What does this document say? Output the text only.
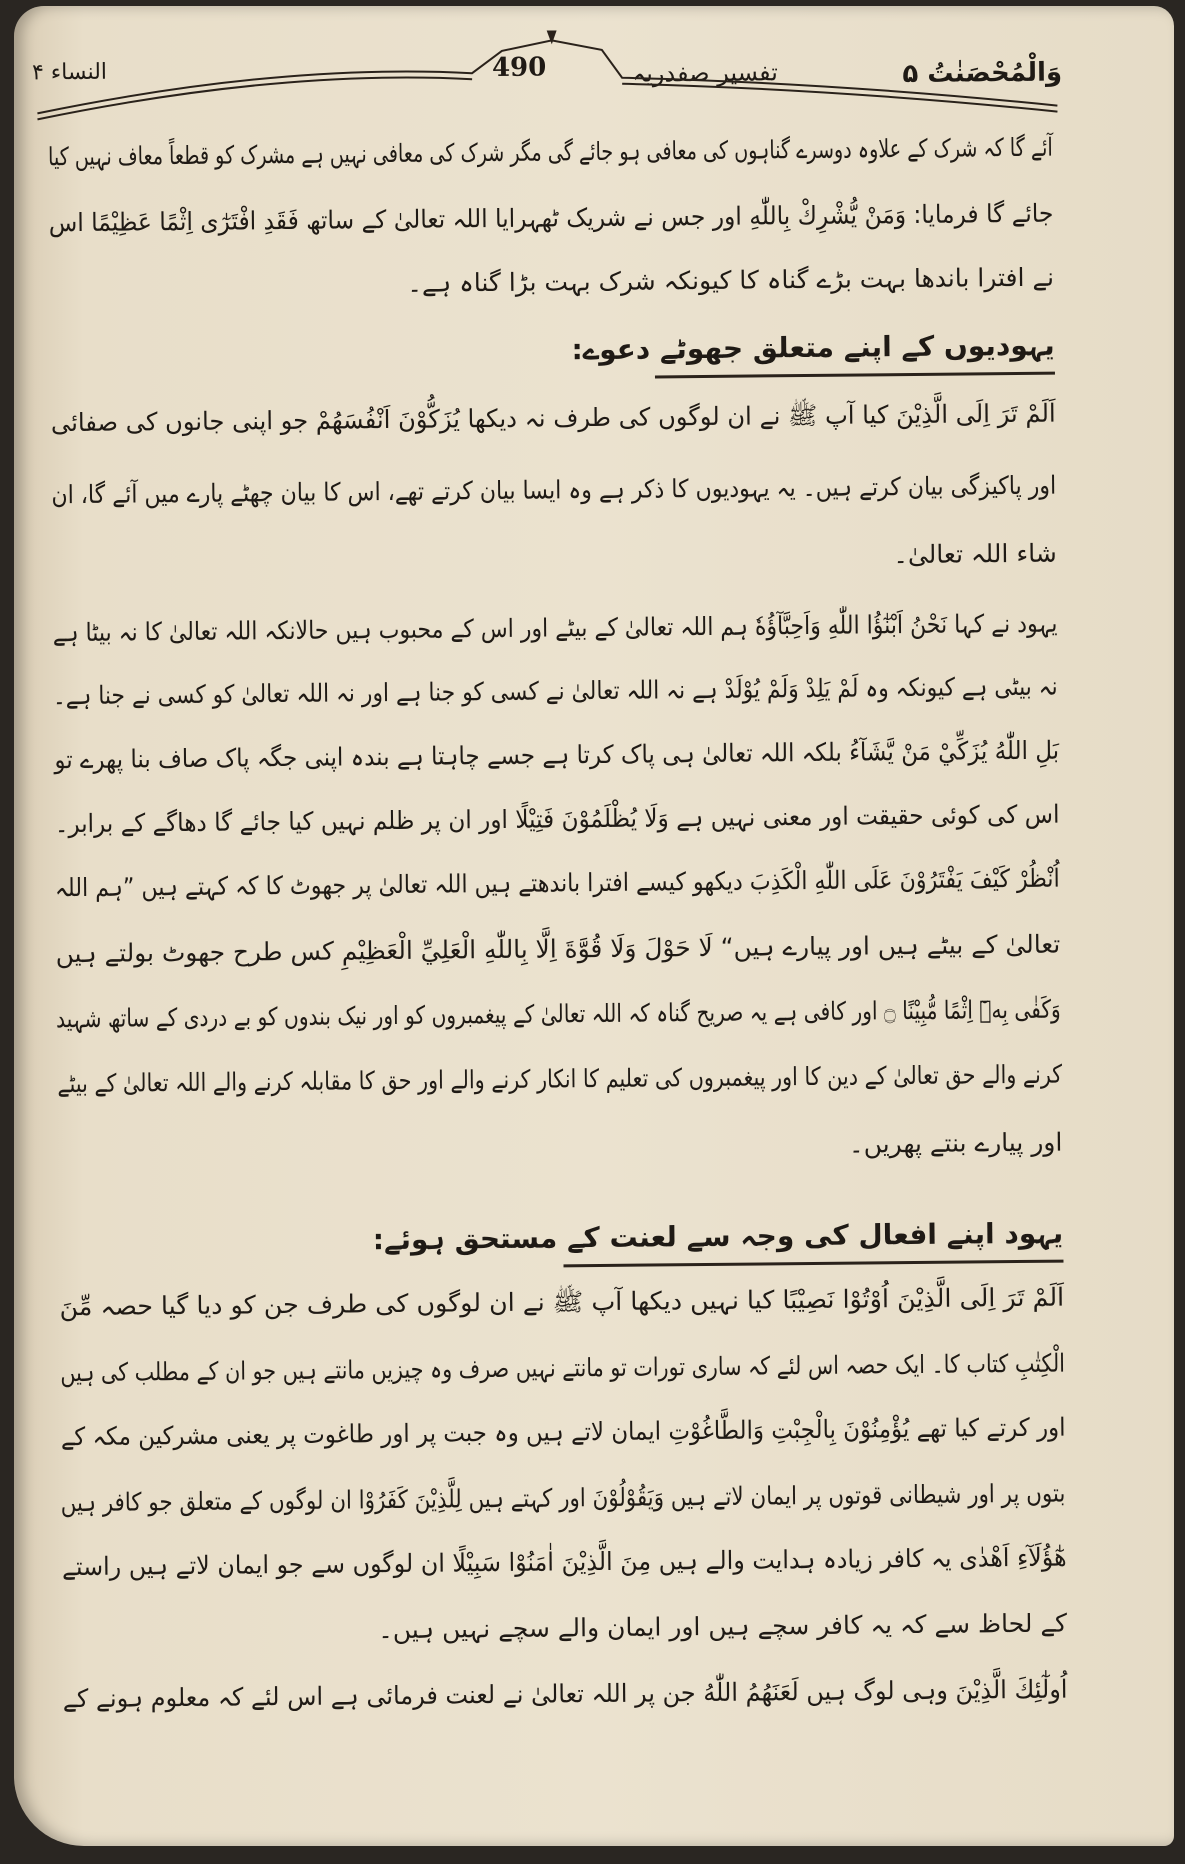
وَالْمُحْصَنٰتُ ۵
تفسیر صفدریہ
490
النساء ۴
آئے گا کہ شرک کے علاوہ دوسرے گناہوں کی معافی ہو جائے گی مگر شرک کی معافی نہیں ہے مشرک کو قطعاً معاف نہیں کیا
جائے گا فرمایا: وَمَنْ يُّشْرِكْ بِاللّٰهِ اور جس نے شریک ٹھہرایا اللہ تعالیٰ کے ساتھ فَقَدِ افْتَرٰٓى اِثْمًا عَظِيْمًا اس
نے افترا باندھا بہت بڑے گناہ کا کیونکہ شرک بہت بڑا گناہ ہے۔
یہودیوں کے اپنے متعلق جھوٹے دعوے:
اَلَمْ تَرَ اِلَى الَّذِيْنَ کیا آپ ﷺ نے ان لوگوں کی طرف نہ دیکھا يُزَكُّوْنَ اَنْفُسَهُمْ جو اپنی جانوں کی صفائی
اور پاکیزگی بیان کرتے ہیں۔ یہ یہودیوں کا ذکر ہے وہ ایسا بیان کرتے تھے، اس کا بیان چھٹے پارے میں آئے گا، ان
شاء اللہ تعالیٰ۔
یہود نے کہا نَحْنُ اَبْنٰٓؤُا اللّٰهِ وَاَحِبَّآؤُهٗ ہم اللہ تعالیٰ کے بیٹے اور اس کے محبوب ہیں حالانکہ اللہ تعالیٰ کا نہ بیٹا ہے
نہ بیٹی ہے کیونکہ وہ لَمْ يَلِدْ وَلَمْ يُوْلَدْ ہے نہ اللہ تعالیٰ نے کسی کو جنا ہے اور نہ اللہ تعالیٰ کو کسی نے جنا ہے۔
بَلِ اللّٰهُ يُزَكِّيْ مَنْ يَّشَآءُ بلکہ اللہ تعالیٰ ہی پاک کرتا ہے جسے چاہتا ہے بندہ اپنی جگہ پاک صاف بنا پھرے تو
اس کی کوئی حقیقت اور معنی نہیں ہے وَلَا يُظْلَمُوْنَ فَتِيْلًا اور ان پر ظلم نہیں کیا جائے گا دھاگے کے برابر۔
اُنْظُرْ كَيْفَ يَفْتَرُوْنَ عَلَى اللّٰهِ الْكَذِبَ دیکھو کیسے افترا باندھتے ہیں اللہ تعالیٰ پر جھوٹ کا کہ کہتے ہیں ”ہم اللہ
تعالیٰ کے بیٹے ہیں اور پیارے ہیں“ لَا حَوْلَ وَلَا قُوَّةَ اِلَّا بِاللّٰهِ الْعَلِيِّ الْعَظِيْمِ کس طرح جھوٹ بولتے ہیں
وَكَفٰى بِهٖٓ اِثْمًا مُّبِيْنًا ۝ اور کافی ہے یہ صریح گناہ کہ اللہ تعالیٰ کے پیغمبروں کو اور نیک بندوں کو بے دردی کے ساتھ شہید
کرنے والے حق تعالیٰ کے دین کا اور پیغمبروں کی تعلیم کا انکار کرنے والے اور حق کا مقابلہ کرنے والے اللہ تعالیٰ کے بیٹے
اور پیارے بنتے پھریں۔
یہود اپنے افعال کی وجہ سے لعنت کے مستحق ہوئے:
اَلَمْ تَرَ اِلَى الَّذِيْنَ اُوْتُوْا نَصِيْبًا کیا نہیں دیکھا آپ ﷺ نے ان لوگوں کی طرف جن کو دیا گیا حصہ مِّنَ
الْكِتٰبِ کتاب کا۔ ایک حصہ اس لئے کہ ساری تورات تو مانتے نہیں صرف وہ چیزیں مانتے ہیں جو ان کے مطلب کی ہیں
اور کرتے کیا تھے يُؤْمِنُوْنَ بِالْجِبْتِ وَالطَّاغُوْتِ ایمان لاتے ہیں وہ جبت پر اور طاغوت پر یعنی مشرکین مکہ کے
بتوں پر اور شیطانی قوتوں پر ایمان لاتے ہیں وَيَقُوْلُوْنَ اور کہتے ہیں لِلَّذِيْنَ كَفَرُوْا ان لوگوں کے متعلق جو کافر ہیں
هٰٓؤُلَآءِ اَهْدٰى یہ کافر زیادہ ہدایت والے ہیں مِنَ الَّذِيْنَ اٰمَنُوْا سَبِيْلًا ان لوگوں سے جو ایمان لاتے ہیں راستے
کے لحاظ سے کہ یہ کافر سچے ہیں اور ایمان والے سچے نہیں ہیں۔
اُولٰٓئِكَ الَّذِيْنَ وہی لوگ ہیں لَعَنَهُمُ اللّٰهُ جن پر اللہ تعالیٰ نے لعنت فرمائی ہے اس لئے کہ معلوم ہونے کے
